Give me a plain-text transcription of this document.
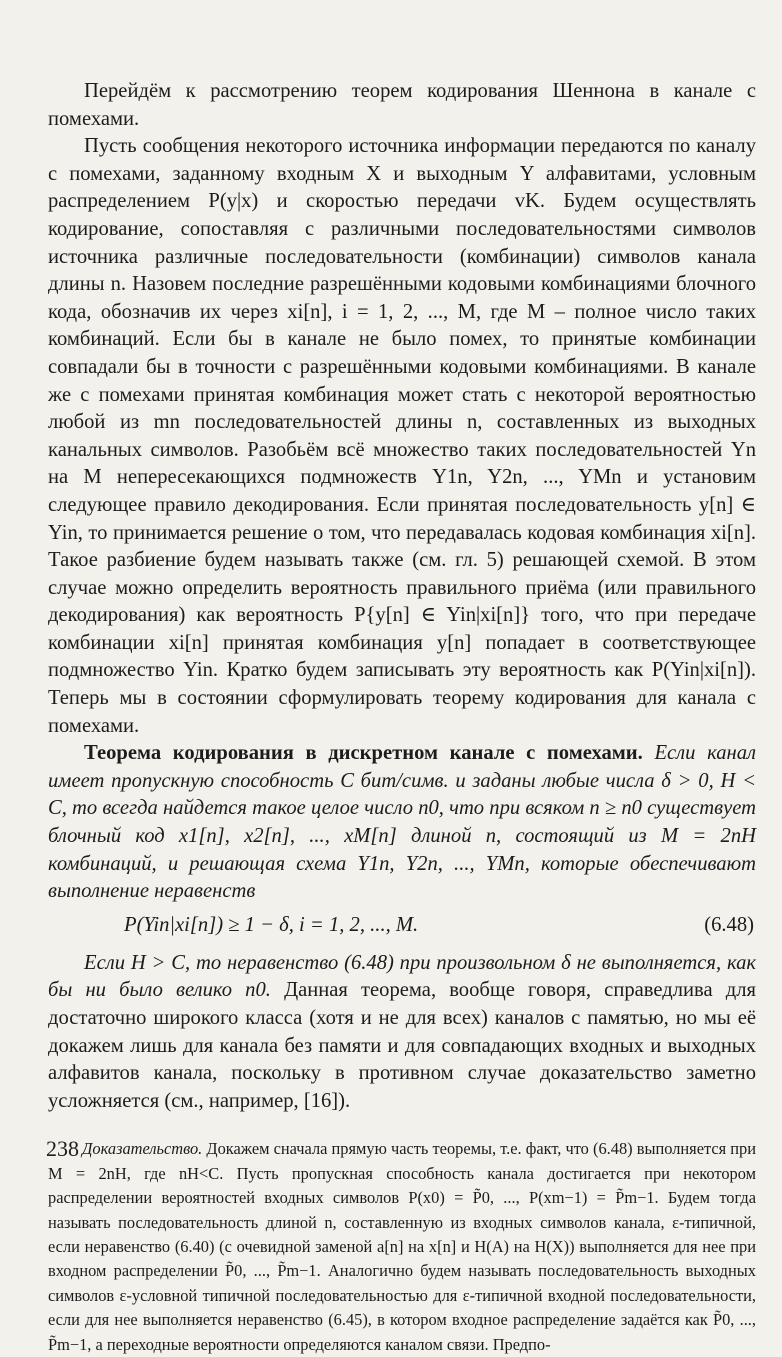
Перейдём к рассмотрению теорем кодирования Шеннона в канале с помехами.

Пусть сообщения некоторого источника информации передаются по каналу с помехами, заданному входным X и выходным Y алфавитами, условным распределением P(y|x) и скоростью передачи vK. Будем осуществлять кодирование, сопоставляя с различными последовательностями символов источника различные последовательности (комбинации) символов канала длины n. Назовем последние разрешёнными кодовыми комбинациями блочного кода, обозначив их через xi[n], i = 1, 2, ..., M, где M – полное число таких комбинаций. Если бы в канале не было помех, то принятые комбинации совпадали бы в точности с разрешёнными кодовыми комбинациями. В канале же с помехами принятая комбинация может стать с некоторой вероятностью любой из mn последовательностей длины n, составленных из выходных канальных символов. Разобьём всё множество таких последовательностей Yn на M непересекающихся подмножеств Y1n, Y2n, ..., YMn и установим следующее правило декодирования. Если принятая последовательность y[n] ∈ Yin, то принимается решение о том, что передавалась кодовая комбинация xi[n]. Такое разбиение будем называть также (см. гл. 5) решающей схемой. В этом случае можно определить вероятность правильного приёма (или правильного декодирования) как вероятность P{y[n] ∈ Yin|xi[n]} того, что при передаче комбинации xi[n] принятая комбинация y[n] попадает в соответствующее подмножество Yin. Кратко будем записывать эту вероятность как P(Yin|xi[n]). Теперь мы в состоянии сформулировать теорему кодирования для канала с помехами.

Теорема кодирования в дискретном канале с помехами. Если канал имеет пропускную способность C бит/симв. и заданы любые числа δ > 0, H < C, то всегда найдется такое целое число n0, что при всяком n ≥ n0 существует блочный код x1[n], x2[n], ..., xM[n] длиной n, состоящий из M = 2nH комбинаций, и решающая схема Y1n, Y2n, ..., YMn, которые обеспечивают выполнение неравенств

P(Yin|xi[n]) ≥ 1 − δ, i = 1, 2, ..., M.	(6.48)

Если H > C, то неравенство (6.48) при произвольном δ не выполняется, как бы ни было велико n0. Данная теорема, вообще говоря, справедлива для достаточно широкого класса (хотя и не для всех) каналов с памятью, но мы её докажем лишь для канала без памяти и для совпадающих входных и выходных алфавитов канала, поскольку в противном случае доказательство заметно усложняется (см., например, [16]).

Доказательство. Докажем сначала прямую часть теоремы, т.е. факт, что (6.48) выполняется при M = 2nH, где nH<C. Пусть пропускная способность канала достигается при некотором распределении вероятностей входных символов P(x0) = P̃0, ..., P(xm−1) = P̃m−1. Будем тогда называть последовательность длиной n, составленную из входных символов канала, ε-типичной, если неравенство (6.40) (с очевидной заменой a[n] на x[n] и H(A) на H(X)) выполняется для нее при входном распределении P̃0, ..., P̃m−1. Аналогично будем называть последовательность выходных символов ε-условной типичной последовательностью для ε-типичной входной последовательности, если для нее выполняется неравенство (6.45), в котором входное распределение задаётся как P̃0, ..., P̃m−1, а переходные вероятности определяются каналом связи. Предпо-

238
